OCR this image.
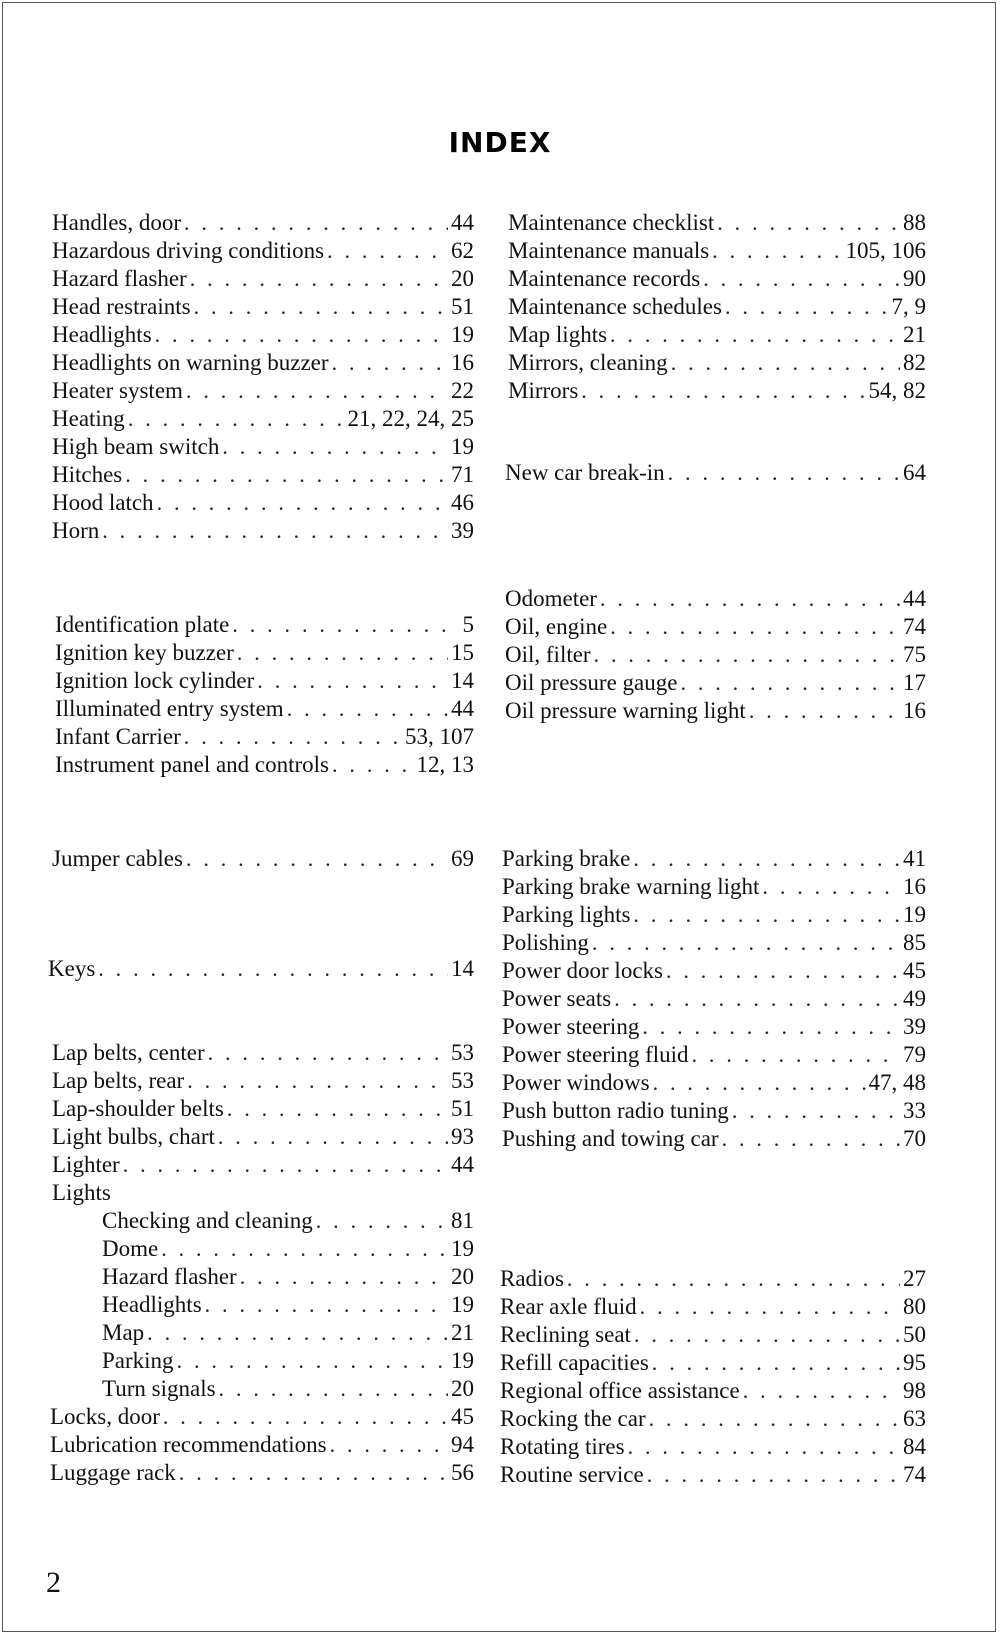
INDEX
Handles, door . . .	44
Hazardous driving conditions . . .	62
Hazard flasher . . .	20
Head restraints . . .	51
Headlights . . .	19
Headlights on warning buzzer . . .	16
Heater system . . .	22
Heating . . .	21, 22, 24, 25
High beam switch . . .	19
Hitches . . .	71
Hood latch . . .	46
Horn . . .	39
Identification plate . . .	5
Ignition key buzzer . . .	15
Ignition lock cylinder . . .	14
Illuminated entry system . . .	44
Infant Carrier . . .	53, 107
Instrument panel and controls . . .	12, 13
Jumper cables . . .	69
Keys . . .	14
Lap belts, center . . .	53
Lap belts, rear . . .	53
Lap-shoulder belts . . .	51
Light bulbs, chart . . .	93
Lighter . . .	44
Lights
Checking and cleaning . . .	81
Dome . . .	19
Hazard flasher . . .	20
Headlights . . .	19
Map . . .	21
Parking . . .	19
Turn signals . . .	20
Locks, door . . .	45
Lubrication recommendations . . .	94
Luggage rack . . .	56
Maintenance checklist . . .	88
Maintenance manuals . . .	105, 106
Maintenance records . . .	90
Maintenance schedules . . .	7, 9
Map lights . . .	21
Mirrors, cleaning . . .	82
Mirrors . . .	54, 82
New car break-in . . .	64
Odometer . . .	44
Oil, engine . . .	74
Oil, filter . . .	75
Oil pressure gauge . . .	17
Oil pressure warning light . . .	16
Parking brake . . .	41
Parking brake warning light . . .	16
Parking lights . . .	19
Polishing . . .	85
Power door locks . . .	45
Power seats . . .	49
Power steering . . .	39
Power steering fluid . . .	79
Power windows . . .	47, 48
Push button radio tuning . . .	33
Pushing and towing car . . .	70
Radios . . .	27
Rear axle fluid . . .	80
Reclining seat . . .	50
Refill capacities . . .	95
Regional office assistance . . .	98
Rocking the car . . .	63
Rotating tires . . .	84
Routine service . . .	74
2
